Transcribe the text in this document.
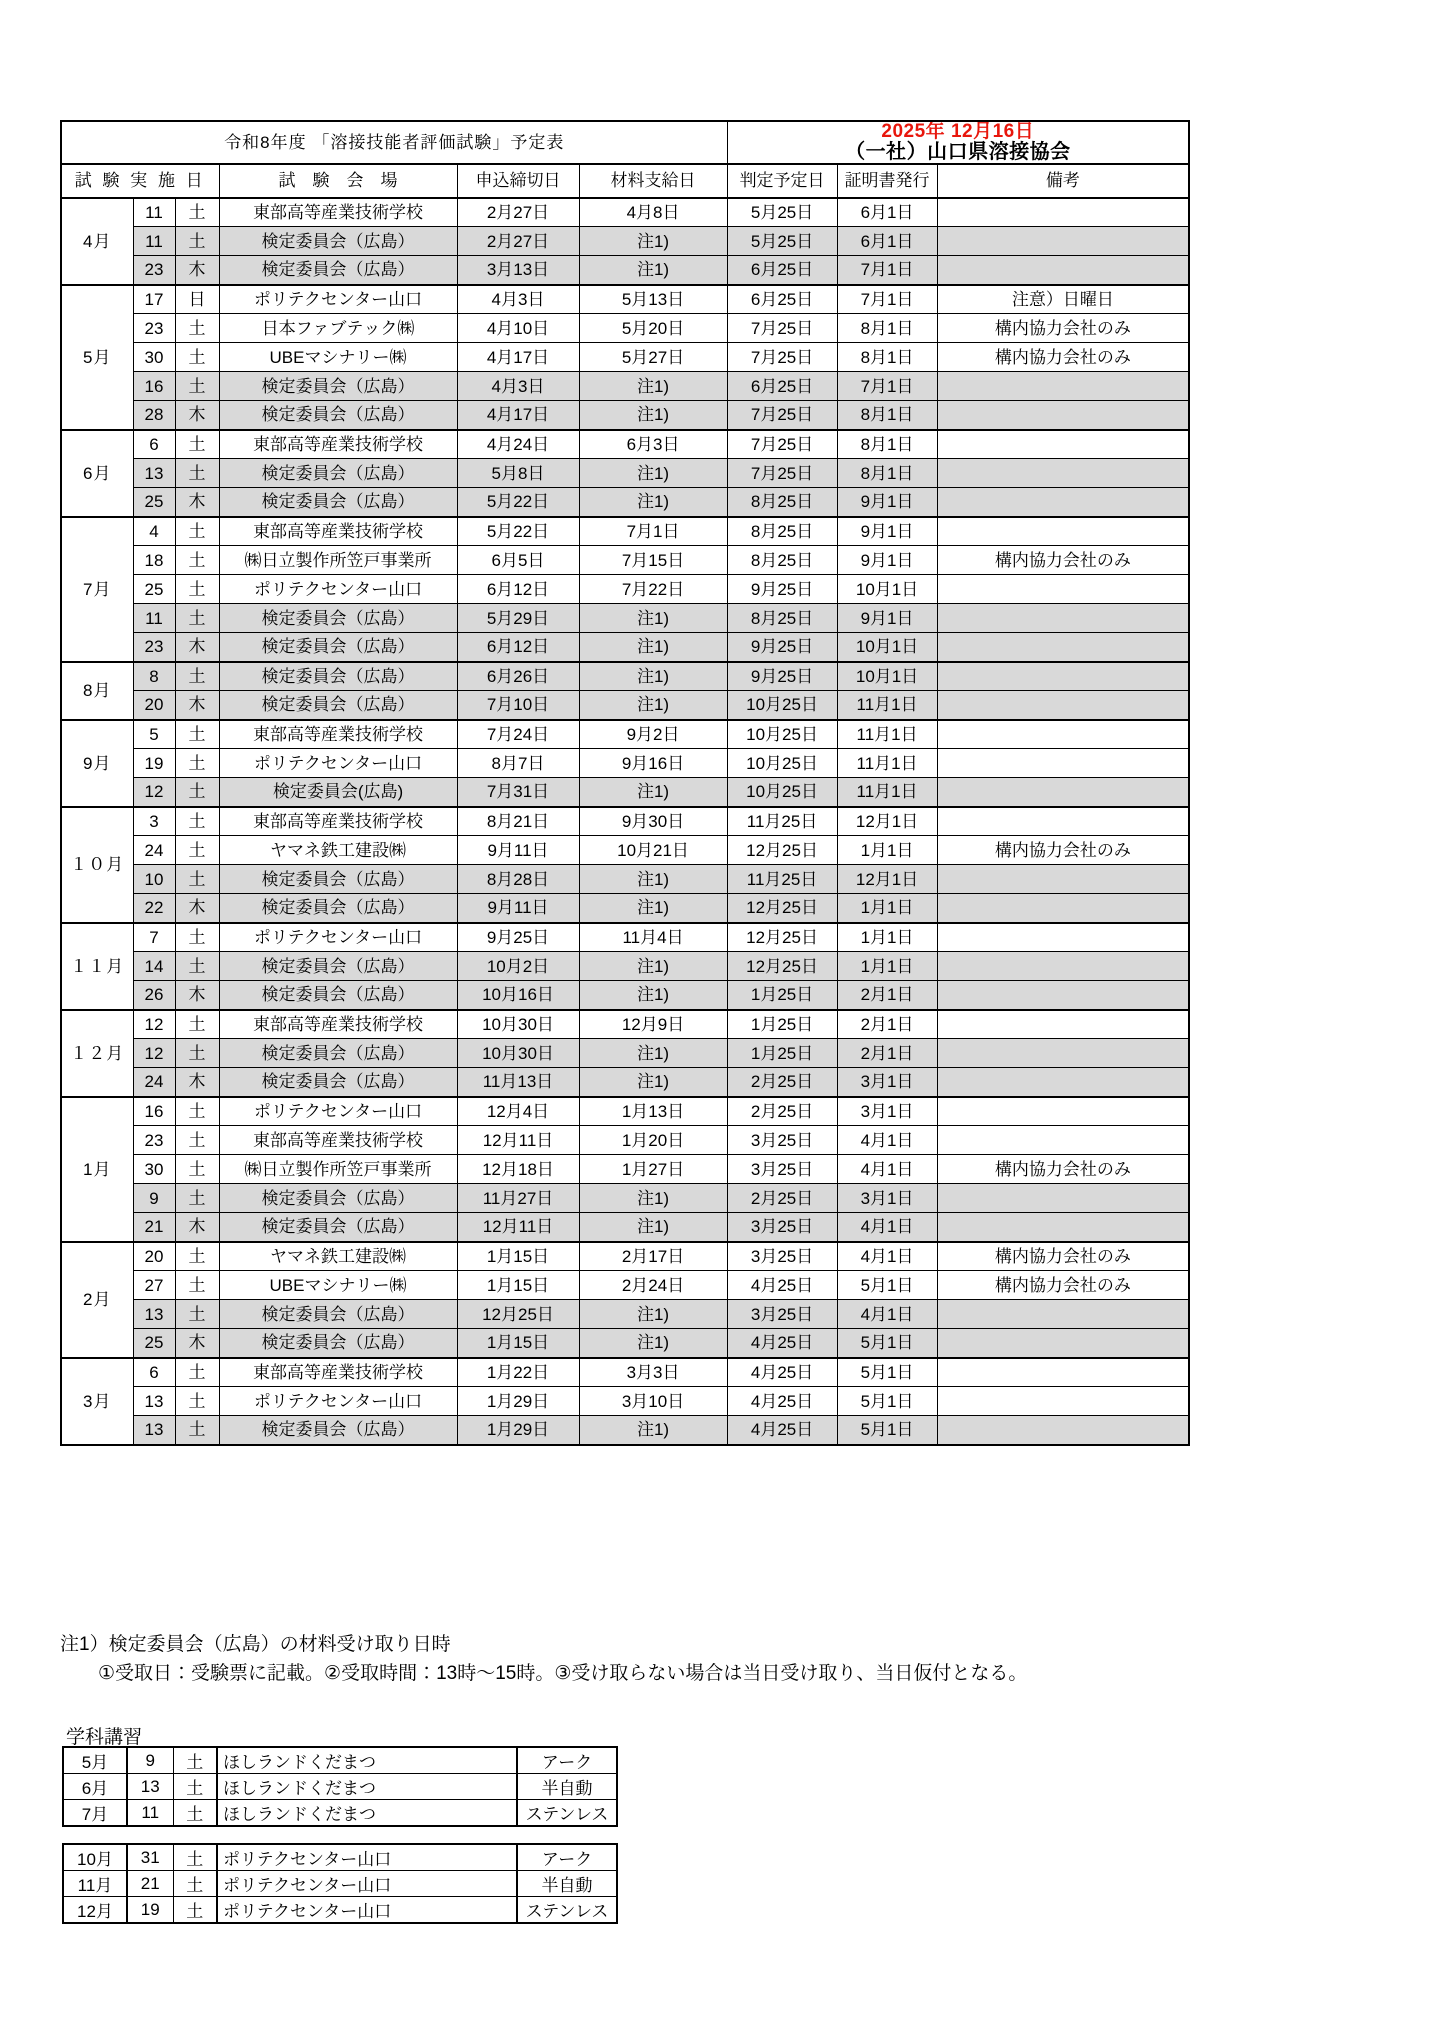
令和8年度 「溶接技能者評価試験」予定表						2025年 12月16日
（一社）山口県溶接協会		

試 験 実 施 日			試　験　会　場	申込締切日	材料支給日	判定予定日	証明書発行	備考
4月	11	土	東部高等産業技術学校	2月27日	4月8日	5月25日	6月1日	
	11	土	検定委員会（広島）	2月27日	注1)	5月25日	6月1日	
	23	木	検定委員会（広島）	3月13日	注1)	6月25日	7月1日	
5月	17	日	ポリテクセンター山口	4月3日	5月13日	6月25日	7月1日	注意）日曜日
	23	土	日本ファブテック㈱	4月10日	5月20日	7月25日	8月1日	構内協力会社のみ
	30	土	UBEマシナリー㈱	4月17日	5月27日	7月25日	8月1日	構内協力会社のみ
	16	土	検定委員会（広島）	4月3日	注1)	6月25日	7月1日	
	28	木	検定委員会（広島）	4月17日	注1)	7月25日	8月1日	
6月	6	土	東部高等産業技術学校	4月24日	6月3日	7月25日	8月1日	
	13	土	検定委員会（広島）	5月8日	注1)	7月25日	8月1日	
	25	木	検定委員会（広島）	5月22日	注1)	8月25日	9月1日	
7月	4	土	東部高等産業技術学校	5月22日	7月1日	8月25日	9月1日	
	18	土	㈱日立製作所笠戸事業所	6月5日	7月15日	8月25日	9月1日	構内協力会社のみ
	25	土	ポリテクセンター山口	6月12日	7月22日	9月25日	10月1日	
	11	土	検定委員会（広島）	5月29日	注1)	8月25日	9月1日	
	23	木	検定委員会（広島）	6月12日	注1)	9月25日	10月1日	
8月	8	土	検定委員会（広島）	6月26日	注1)	9月25日	10月1日	
	20	木	検定委員会（広島）	7月10日	注1)	10月25日	11月1日	
9月	5	土	東部高等産業技術学校	7月24日	9月2日	10月25日	11月1日	
	19	土	ポリテクセンター山口	8月7日	9月16日	10月25日	11月1日	
	12	土	検定委員会(広島)	7月31日	注1)	10月25日	11月1日	
１０月	3	土	東部高等産業技術学校	8月21日	9月30日	11月25日	12月1日	
	24	土	ヤマネ鉄工建設㈱	9月11日	10月21日	12月25日	1月1日	構内協力会社のみ
	10	土	検定委員会（広島）	8月28日	注1)	11月25日	12月1日	
	22	木	検定委員会（広島）	9月11日	注1)	12月25日	1月1日	
１１月	7	土	ポリテクセンター山口	9月25日	11月4日	12月25日	1月1日	
	14	土	検定委員会（広島）	10月2日	注1)	12月25日	1月1日	
	26	木	検定委員会（広島）	10月16日	注1)	1月25日	2月1日	
１２月	12	土	東部高等産業技術学校	10月30日	12月9日	1月25日	2月1日	
	12	土	検定委員会（広島）	10月30日	注1)	1月25日	2月1日	
	24	木	検定委員会（広島）	11月13日	注1)	2月25日	3月1日	
1月	16	土	ポリテクセンター山口	12月4日	1月13日	2月25日	3月1日	
	23	土	東部高等産業技術学校	12月11日	1月20日	3月25日	4月1日	
	30	土	㈱日立製作所笠戸事業所	12月18日	1月27日	3月25日	4月1日	構内協力会社のみ
	9	土	検定委員会（広島）	11月27日	注1)	2月25日	3月1日	
	21	木	検定委員会（広島）	12月11日	注1)	3月25日	4月1日	
2月	20	土	ヤマネ鉄工建設㈱	1月15日	2月17日	3月25日	4月1日	構内協力会社のみ
	27	土	UBEマシナリー㈱	1月15日	2月24日	4月25日	5月1日	構内協力会社のみ
	13	土	検定委員会（広島）	12月25日	注1)	3月25日	4月1日	
	25	木	検定委員会（広島）	1月15日	注1)	4月25日	5月1日	
3月	6	土	東部高等産業技術学校	1月22日	3月3日	4月25日	5月1日	
	13	土	ポリテクセンター山口	1月29日	3月10日	4月25日	5月1日	
	13	土	検定委員会（広島）	1月29日	注1)	4月25日	5月1日	

注1）検定委員会（広島）の材料受け取り日時

①受取日：受験票に記載。②受取時間：13時～15時。③受け取らない場合は当日受け取り、当日仮付となる。

学科講習
5月	9	土	ほしランドくだまつ	アーク
6月	13	土	ほしランドくだまつ	半自動
7月	11	土	ほしランドくだまつ	ステンレス
10月	31	土	ポリテクセンター山口	アーク
11月	21	土	ポリテクセンター山口	半自動
12月	19	土	ポリテクセンター山口	ステンレス
